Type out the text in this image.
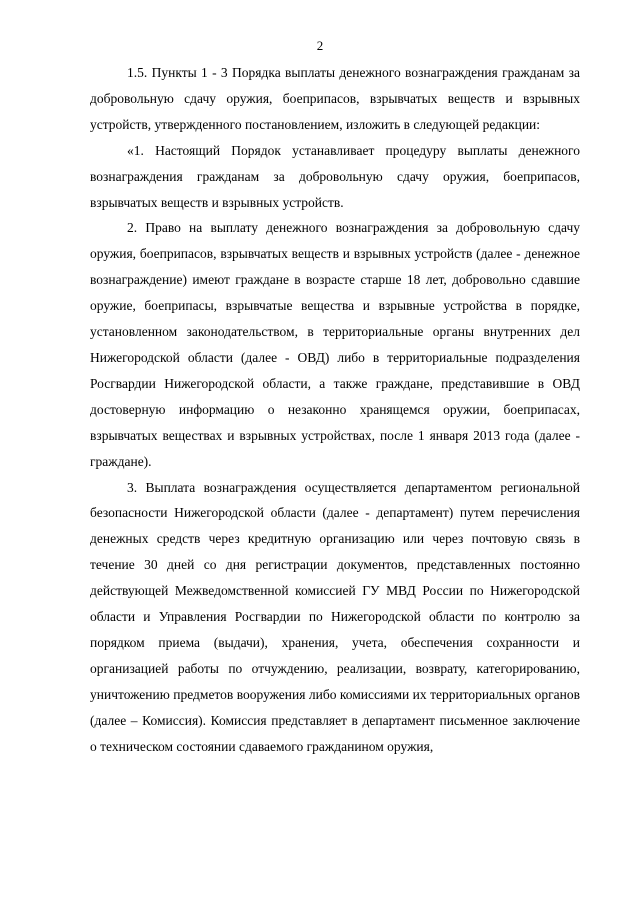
2

1.5. Пункты 1 - 3 Порядка выплаты денежного вознаграждения гражданам за добровольную сдачу оружия, боеприпасов, взрывчатых веществ и взрывных устройств, утвержденного постановлением, изложить в следующей редакции:

«1. Настоящий Порядок устанавливает процедуру выплаты денежного вознаграждения гражданам за добровольную сдачу оружия, боеприпасов, взрывчатых веществ и взрывных устройств.

2. Право на выплату денежного вознаграждения за добровольную сдачу оружия, боеприпасов, взрывчатых веществ и взрывных устройств (далее - денежное вознаграждение) имеют граждане в возрасте старше 18 лет, добровольно сдавшие оружие, боеприпасы, взрывчатые вещества и взрывные устройства в порядке, установленном законодательством, в территориальные органы внутренних дел Нижегородской области (далее - ОВД) либо в территориальные подразделения Росгвардии Нижегородской области, а также граждане, представившие в ОВД достоверную информацию о незаконно хранящемся оружии, боеприпасах, взрывчатых веществах и взрывных устройствах, после 1 января 2013 года (далее - граждане).

3. Выплата вознаграждения осуществляется департаментом региональной безопасности Нижегородской области (далее - департамент) путем перечисления денежных средств через кредитную организацию или через почтовую связь в течение 30 дней со дня регистрации документов, представленных постоянно действующей Межведомственной комиссией ГУ МВД России по Нижегородской области и Управления Росгвардии по Нижегородской области по контролю за порядком приема (выдачи), хранения, учета, обеспечения сохранности и организацией работы по отчуждению, реализации, возврату, категорированию, уничтожению предметов вооружения либо комиссиями их территориальных органов (далее – Комиссия). Комиссия представляет в департамент письменное заключение о техническом состоянии сдаваемого гражданином оружия,
